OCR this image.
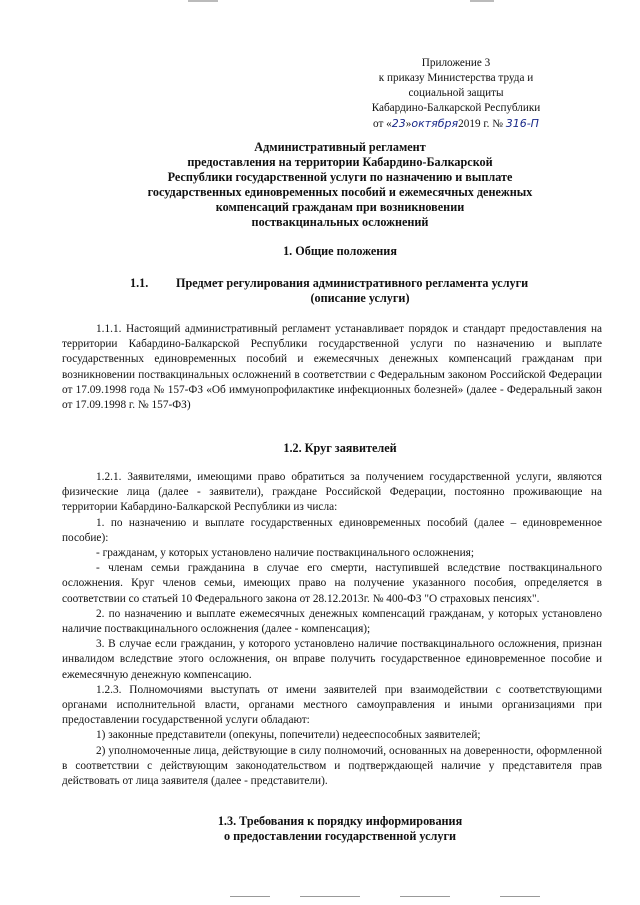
Приложение 3
к приказу Министерства труда и
социальной защиты
Кабардино-Балкарской Республики
от «23»октября2019 г. № 316-П
Административный регламент
предоставления на территории Кабардино-Балкарской
Республики государственной услуги по назначению и выплате
государственных единовременных пособий и ежемесячных денежных
компенсаций гражданам при возникновении
поствакцинальных осложнений
1. Общие положения
1.1. Предмет регулирования административного регламента услуги
(описание услуги)

1.1.1. Настоящий административный регламент устанавливает порядок и стандарт предоставления на территории Кабардино-Балкарской Республики государственной услуги по назначению и выплате государственных единовременных пособий и ежемесячных денежных компенсаций гражданам при возникновении поствакцинальных осложнений в соответствии с Федеральным законом Российской Федерации от 17.09.1998 года № 157-ФЗ «Об иммунопрофилактике инфекционных болезней» (далее - Федеральный закон от 17.09.1998 г. № 157-ФЗ)

1.2. Круг заявителей

1.2.1. Заявителями, имеющими право обратиться за получением государственной услуги, являются физические лица (далее - заявители), граждане Российской Федерации, постоянно проживающие на территории Кабардино-Балкарской Республики из числа:

1. по назначению и выплате государственных единовременных пособий (далее – единовременное пособие):

- гражданам, у которых установлено наличие поствакцинального осложнения;

- членам семьи гражданина в случае его смерти, наступившей вследствие поствакцинального осложнения. Круг членов семьи, имеющих право на получение указанного пособия, определяется в соответствии со статьей 10 Федерального закона от 28.12.2013г. № 400-ФЗ "О страховых пенсиях".

2. по назначению и выплате ежемесячных денежных компенсаций гражданам, у которых установлено наличие поствакцинального осложнения (далее - компенсация);

3. В случае если гражданин, у которого установлено наличие поствакцинального осложнения, признан инвалидом вследствие этого осложнения, он вправе получить государственное единовременное пособие и ежемесячную денежную компенсацию.

1.2.3. Полномочиями выступать от имени заявителей при взаимодействии с соответствующими органами исполнительной власти, органами местного самоуправления и иными организациями при предоставлении государственной услуги обладают:

1) законные представители (опекуны, попечители) недееспособных заявителей;

2) уполномоченные лица, действующие в силу полномочий, основанных на доверенности, оформленной в соответствии с действующим законодательством и подтверждающей наличие у представителя прав действовать от лица заявителя (далее - представители).

1.3. Требования к порядку информирования
о предоставлении государственной услуги
